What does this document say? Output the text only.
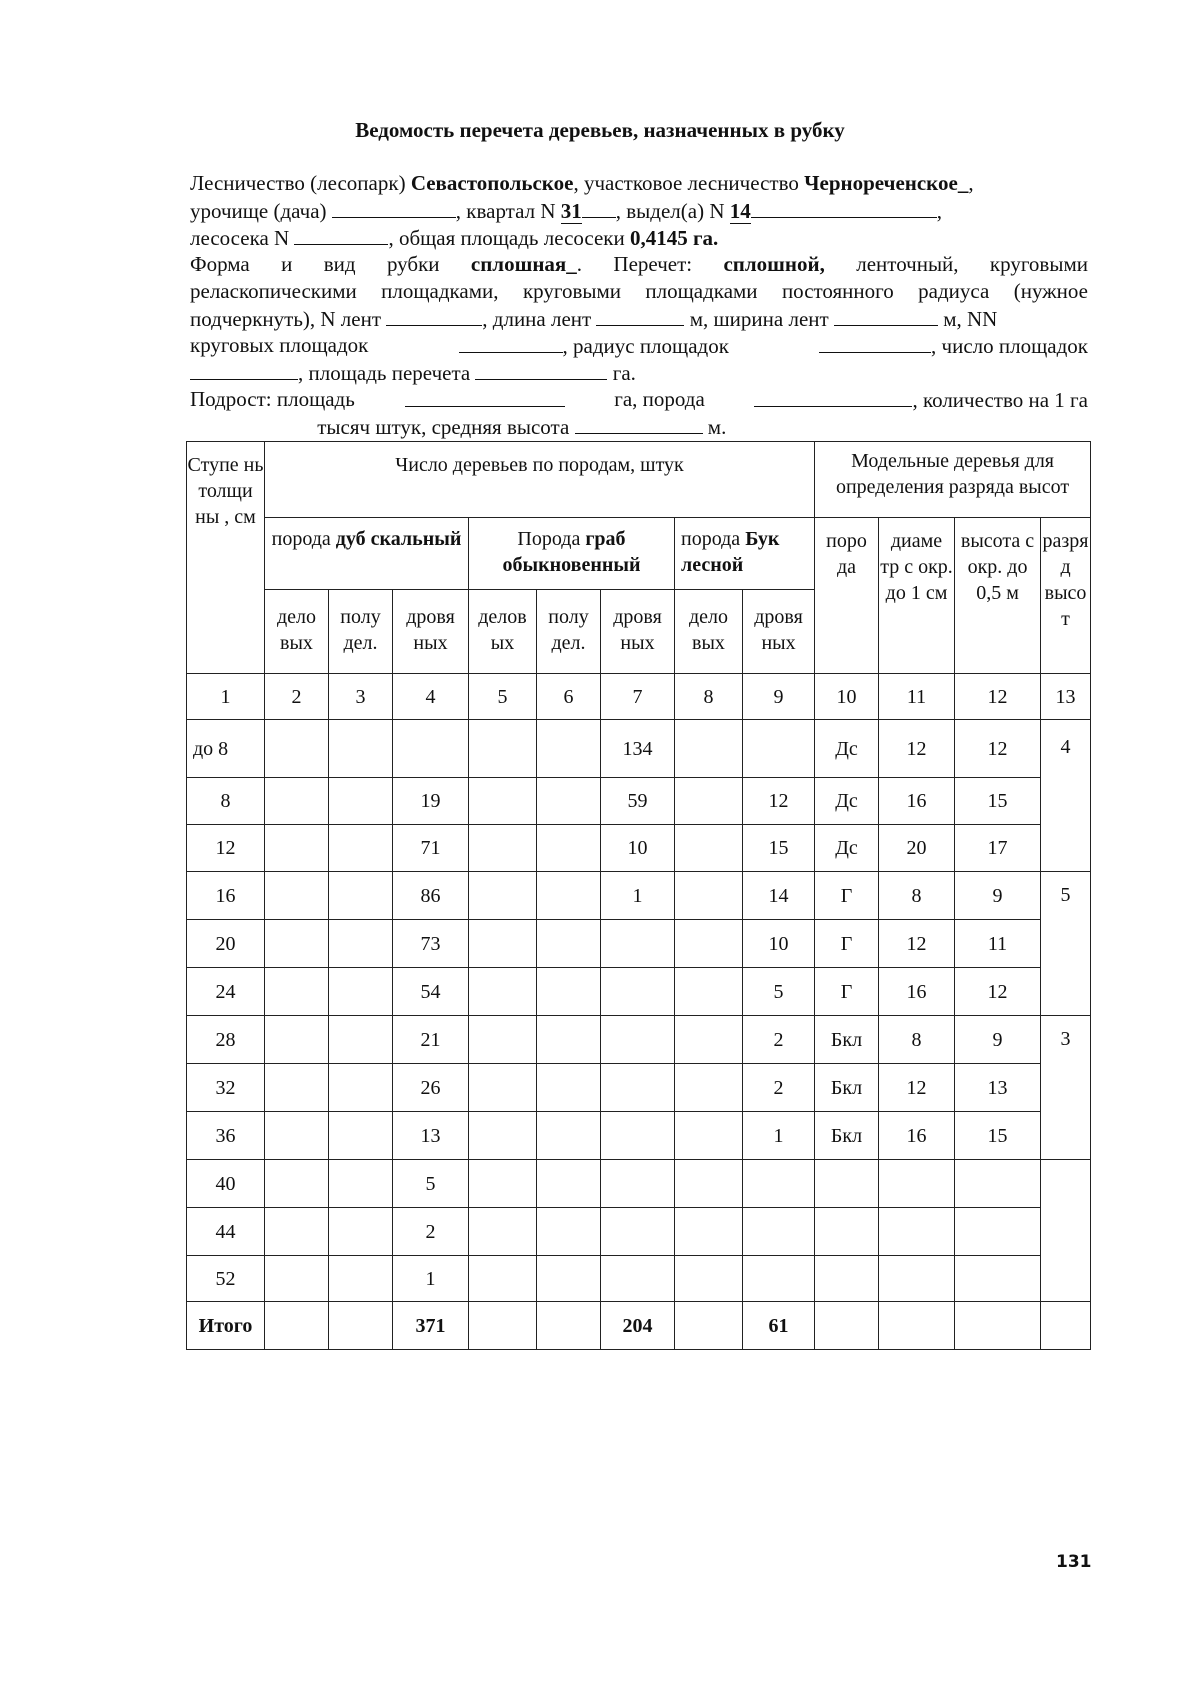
Ведомость перечета деревьев, назначенных в рубку
Лесничество (лесопарк) Севастопольское, участковое лесничество Чернореченское_,
урочище (дача)	, квартал N 31 , выдел(а) N 14	,
лесосека N	, общая площадь лесосеки 0,4145 га.
Форма и вид рубки сплошная_. Перечет: сплошной, ленточный, круговыми
реласкопическими площадками, круговыми площадками постоянного радиуса (нужное
подчеркнуть), N лент	, длина лент	м, ширина лент	м, NN
круговых площадок	, радиус площадок	, число площадок
, площадь перечета	га.
Подрост: площадь	га, порода	, количество на 1 га
тысяч штук, средняя высота	м.
Ступе нь толщи ны , см	Число деревьев по породам, штук								Модельные деревья для определения разряда высот			
	порода дуб скальный			Порода граб обыкновенный			порода Бук лесной		поро да	диаме тр с окр. до 1 см	высота с окр. до 0,5 м	разря д высо т
	дело вых	полу дел.	дровя ных	делов ых	полу дел.	дровя ных	дело вых	дровя ных				
1	2	3	4	5	6	7	8	9	10	11	12	13
до 8						134			Дс	12	12	4
8			19			59		12	Дс	16	15	
12			71			10		15	Дс	20	17	
16			86			1		14	Г	8	9	5
20			73					10	Г	12	11	
24			54					5	Г	16	12	
28			21					2	Бкл	8	9	3
32			26					2	Бкл	12	13	
36			13					1	Бкл	16	15	
40			5									
44			2									
52			1									
Итого			371			204		61				
131
